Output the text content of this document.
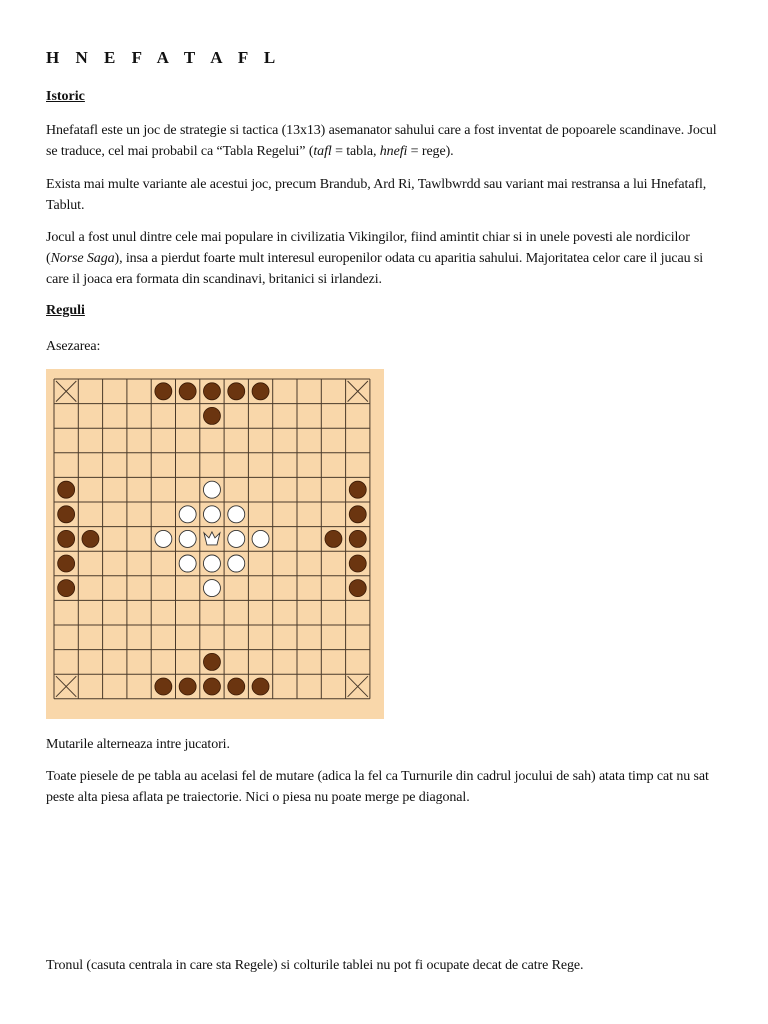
H N E F A T A F L
Istoric

Hnefatafl este un joc de strategie si tactica (13x13) asemanator sahului care a fost inventat de popoarele scandinave. Jocul se traduce, cel mai probabil ca “Tabla Regelui” (tafl = tabla, hnefi = rege).

Exista mai multe variante ale acestui joc, precum Brandub, Ard Ri, Tawlbwrdd sau variant mai restransa a lui Hnefatafl, Tablut.

Jocul a fost unul dintre cele mai populare in civilizatia Vikingilor, fiind amintit chiar si in unele povesti ale nordicilor (Norse Saga), insa a pierdut foarte mult interesul europenilor odata cu aparitia sahului. Majoritatea celor care il jucau si care il joaca era formata din scandinavi, britanici si irlandezi.

Reguli

Asezarea:

Mutarile alterneaza intre jucatori.

Toate piesele de pe tabla au acelasi fel de mutare (adica la fel ca Turnurile din cadrul jocului de sah) atata timp cat nu sat peste alta piesa aflata pe traiectorie. Nici o piesa nu poate merge pe diagonal.

Tronul (casuta centrala in care sta Regele) si colturile tablei nu pot fi ocupate decat de catre Rege.
